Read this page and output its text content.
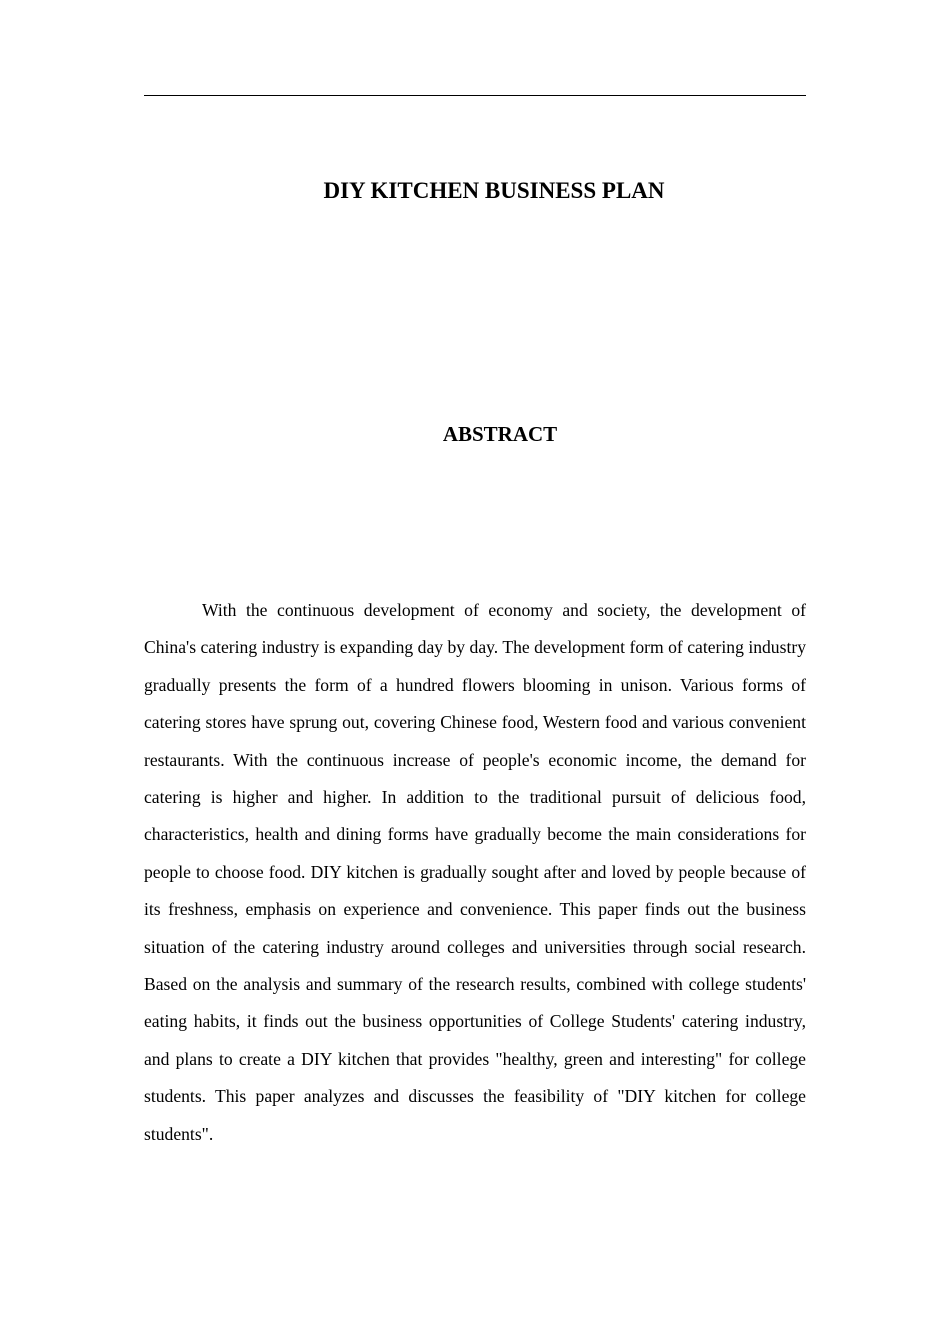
DIY KITCHEN BUSINESS PLAN
ABSTRACT

With the continuous development of economy and society, the development of China's catering industry is expanding day by day. The development form of catering industry gradually presents the form of a hundred flowers blooming in unison. Various forms of catering stores have sprung out, covering Chinese food, Western food and various convenient restaurants. With the continuous increase of people's economic income, the demand for catering is higher and higher. In addition to the traditional pursuit of delicious food, characteristics, health and dining forms have gradually become the main considerations for people to choose food. DIY kitchen is gradually sought after and loved by people because of its freshness, emphasis on experience and convenience. This paper finds out the business situation of the catering industry around colleges and universities through social research. Based on the analysis and summary of the research results, combined with college students' eating habits, it finds out the business opportunities of College Students' catering industry, and plans to create a DIY kitchen that provides "healthy, green and interesting" for college students. This paper analyzes and discusses the feasibility of "DIY kitchen for college students".
